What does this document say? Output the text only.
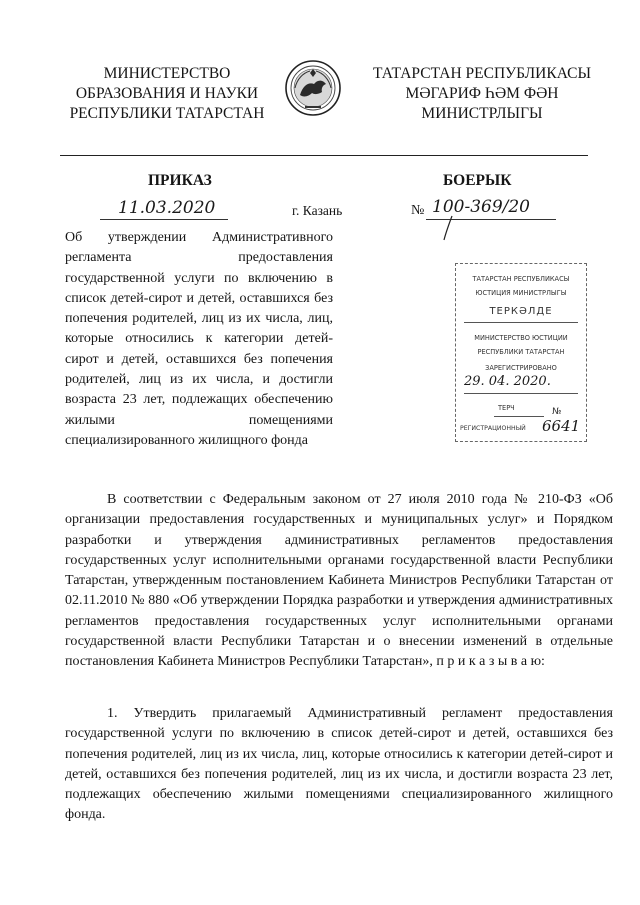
МИНИСТЕРСТВО
ОБРАЗОВАНИЯ И НАУКИ
РЕСПУБЛИКИ ТАТАРСТАН
ТАТАРСТАН РЕСПУБЛИКАСЫ
МӘГАРИФ ҺӘМ ФӘН
МИНИСТРЛЫГЫ
ПРИКАЗ	БОЕРЫК
11.03.2020	г. Казань	№ 100-369/20
Об утверждении Административного регламента предоставления государственной услуги по включению в список детей-сирот и детей, оставшихся без попечения родителей, лиц из их числа, лиц, которые относились к категории детей-сирот и детей, оставшихся без попечения родителей, лиц из их числа, и достигли возраста 23 лет, подлежащих обеспечению жилыми помещениями специализированного жилищного фонда
ТАТАРСТАН РЕСПУБЛИКАСЫ
ЮСТИЦИЯ МИНИСТРЛЫГЫ
ТЕРКӘЛДЕ
МИНИСТЕРСТВО ЮСТИЦИИ
РЕСПУБЛИКИ ТАТАРСТАН
ЗАРЕГИСТРИРОВАНО
29. 04. 2020.
ТЕРЧ	№
РЕГИСТРАЦИОННЫЙ 6641
В соответствии с Федеральным законом от 27 июля 2010 года № 210-ФЗ «Об организации предоставления государственных и муниципальных услуг» и Порядком разработки и утверждения административных регламентов предоставления государственных услуг исполнительными органами государственной власти Республики Татарстан, утвержденным постановлением Кабинета Министров Республики Татарстан от 02.11.2010 № 880 «Об утверждении Порядка разработки и утверждения административных регламентов предоставления государственных услуг исполнительными органами государственной власти Республики Татарстан и о внесении изменений в отдельные постановления Кабинета Министров Республики Татарстан», п р и к а з ы в а ю:
1. Утвердить прилагаемый Административный регламент предоставления государственной услуги по включению в список детей-сирот и детей, оставшихся без попечения родителей, лиц из их числа, лиц, которые относились к категории детей-сирот и детей, оставшихся без попечения родителей, лиц из их числа, и достигли возраста 23 лет, подлежащих обеспечению жилыми помещениями специализированного жилищного фонда.
